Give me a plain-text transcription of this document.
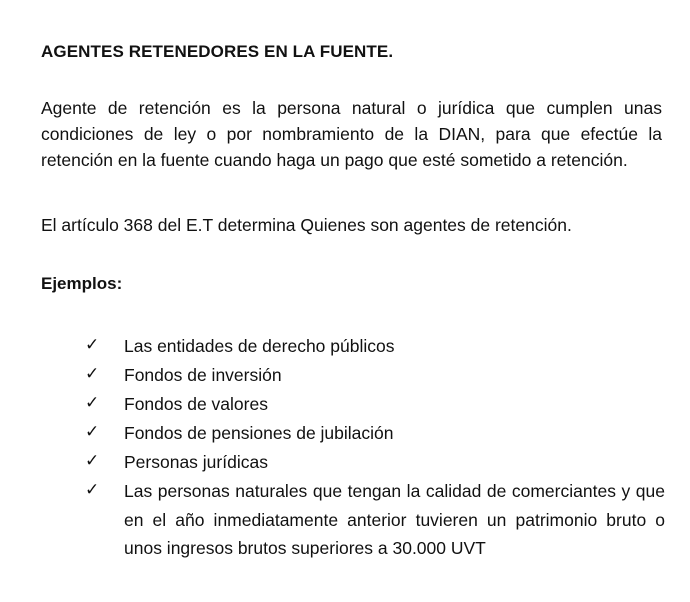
AGENTES RETENEDORES EN LA FUENTE.

Agente de retención es la persona natural o jurídica que cumplen unas condiciones de ley o por nombramiento de la DIAN, para que efectúe la retención en la fuente cuando haga un pago que esté sometido a retención.

El artículo 368 del E.T determina Quienes son agentes de retención.

Ejemplos:
✓	Las entidades de derecho públicos
✓	Fondos de inversión
✓	Fondos de valores
✓	Fondos de pensiones de jubilación
✓	Personas jurídicas
✓	Las personas naturales que tengan la calidad de comerciantes y que en el año inmediatamente anterior tuvieren un patrimonio bruto o unos ingresos brutos superiores a 30.000 UVT
